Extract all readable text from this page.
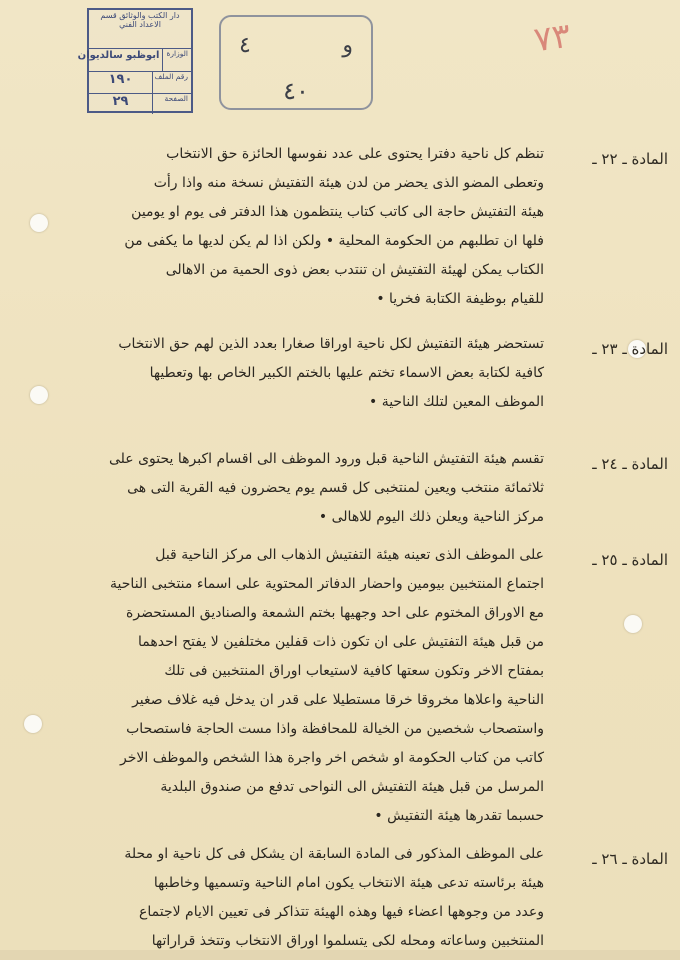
دار الكتب والوثائق قسم الاعداد الفني
الوزارة
ابوظبو سالديوان
رقم الملف
١٩٠
الصفحة
٢٩
٤	و
٤٠
٧٣
المادة ـ ٢٢ ـ

تنظم كل ناحية دفترا يحتوى على عدد نفوسها الحائزة حق الانتخاب

وتعطى المضو الذى يحضر من لدن هيئة التفتيش نسخة منه واذا رأت

هيئة التفتيش حاجة الى كاتب كتاب ينتظمون هذا الدفتر فى يوم او يومين

فلها ان تطلبهم من الحكومة المحلية • ولكن اذا لم يكن لديها ما يكفى من

الكتاب يمكن لهيئة التفتيش ان تنتدب بعض ذوى الحمية من الاهالى

للقيام بوظيفة الكتابة فخريا •

المادة ـ ٢٣ ـ

تستحضر هيئة التفتيش لكل ناحية اوراقا صغارا بعدد الذين لهم حق الانتخاب

كافية لكتابة بعض الاسماء تختم عليها بالختم الكبير الخاص بها وتعطيها

الموظف المعين لتلك الناحية •

المادة ـ ٢٤ ـ

تقسم هيئة التفتيش الناحية قبل ورود الموظف الى اقسام اكبرها يحتوى على

ثلاثمائة منتخب ويعين لمنتخبى كل قسم يوم يحضرون فيه القرية التى هى

مركز الناحية ويعلن ذلك اليوم للاهالى •

المادة ـ ٢٥ ـ

على الموظف الذى تعينه هيئة التفتيش الذهاب الى مركز الناحية قبل

اجتماع المنتخبين بيومين واحضار الدفاتر المحتوية على اسماء منتخبى الناحية

مع الاوراق المختوم على احد وجهيها بختم الشمعة والصناديق المستحضرة

من قبل هيئة التفتيش على ان تكون ذات قفلين مختلفين لا يفتح احدهما

بمفتاح الاخر وتكون سعتها كافية لاستيعاب اوراق المنتخبين فى تلك

الناحية واعلاها مخروقا خرقا مستطيلا على قدر ان يدخل فيه غلاف صغير

واستصحاب شخصين من الخيالة للمحافظة واذا مست الحاجة فاستصحاب

كاتب من كتاب الحكومة او شخص اخر واجرة هذا الشخص والموظف الاخر

المرسل من قبل هيئة التفتيش الى النواحى تدفع من صندوق البلدية

حسبما تقدرها هيئة التفتيش •

المادة ـ ٢٦ ـ

على الموظف المذكور فى المادة السابقة ان يشكل فى كل ناحية او محلة

هيئة برئاسته تدعى هيئة الانتخاب يكون امام الناحية وتسميها وخاطبها

وعدد من وجوهها اعضاء فيها وهذه الهيئة تتذاكر فى تعيين الايام لاجتماع

المنتخبين وساعاته ومحله لكى يتسلموا اوراق الانتخاب وتتخذ قراراتها
